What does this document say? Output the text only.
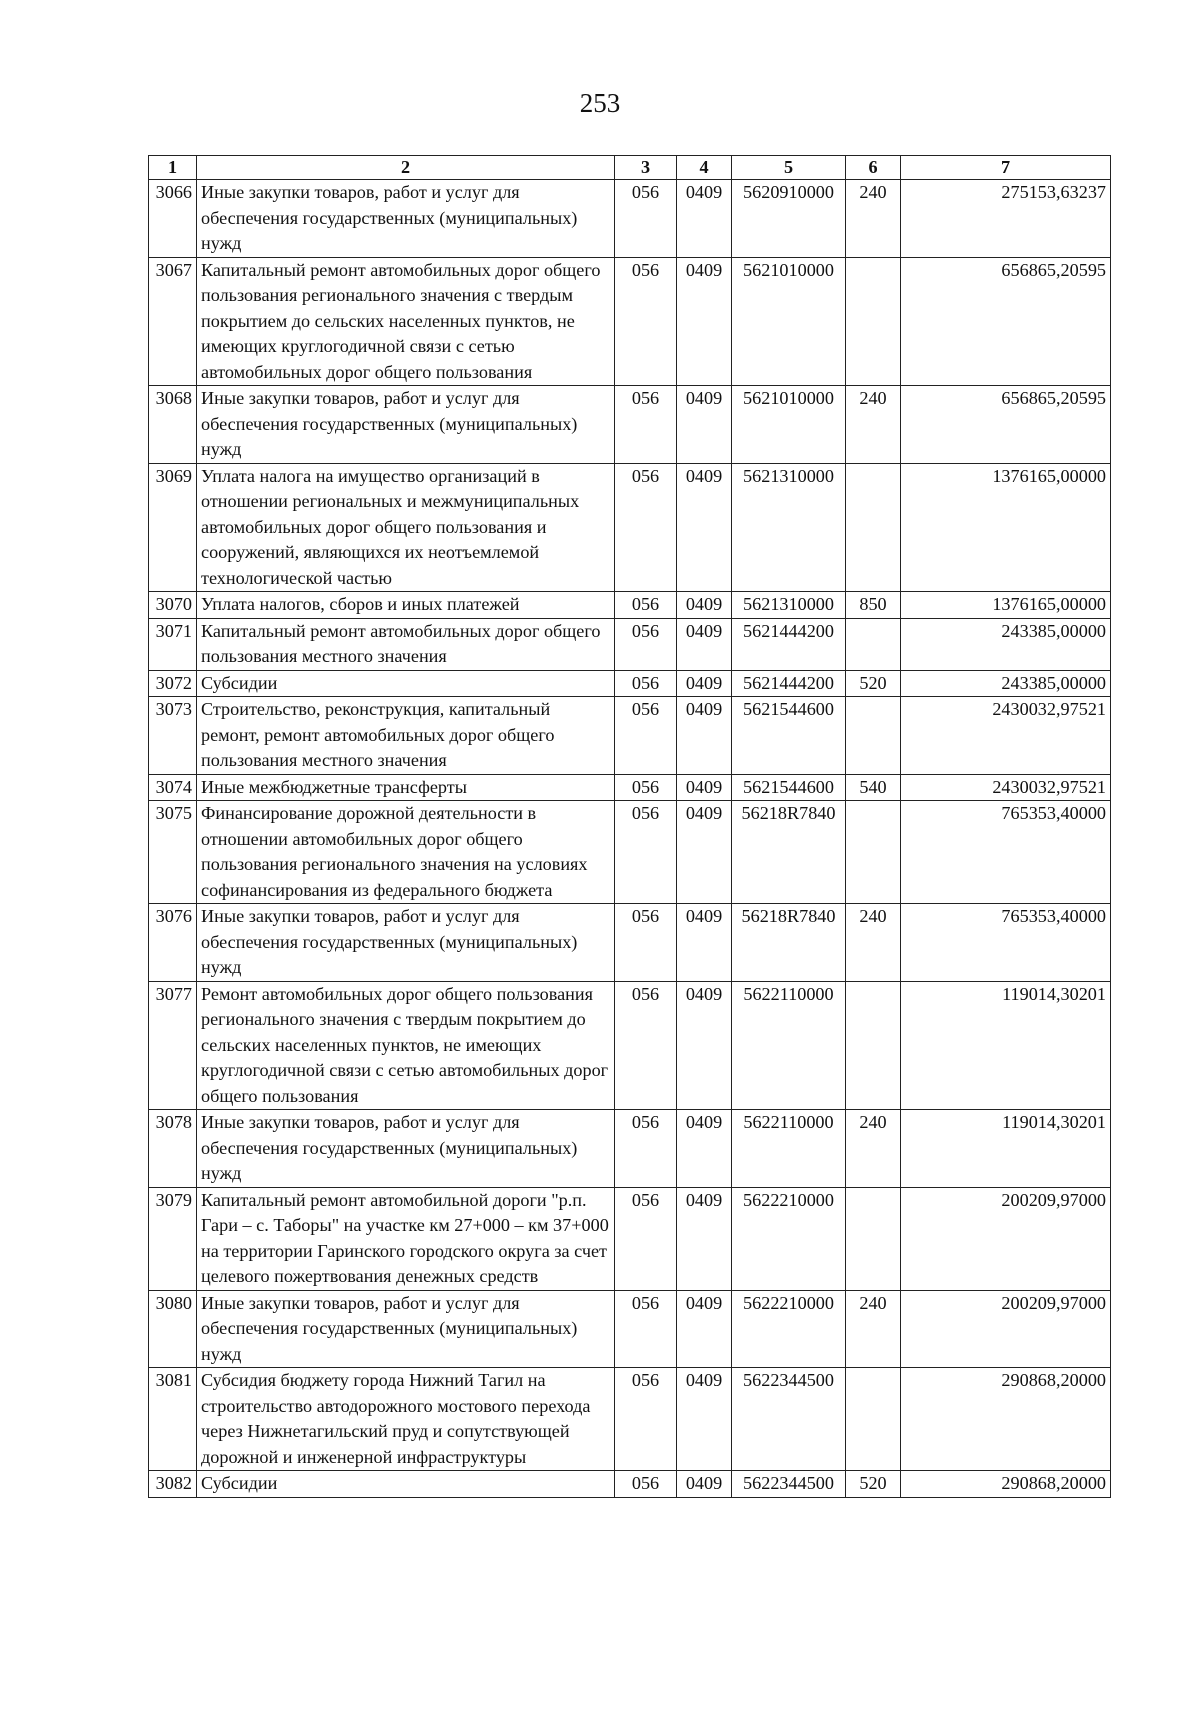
253
1	2	3	4	5	6	7
3066	Иные закупки товаров, работ и услуг для обеспечения государственных (муниципальных) нужд	056	0409	5620910000	240	275153,63237
3067	Капитальный ремонт автомобильных дорог общего пользования регионального значения с твердым покрытием до сельских населенных пунктов, не имеющих круглогодичной связи с сетью автомобильных дорог общего пользования	056	0409	5621010000		656865,20595
3068	Иные закупки товаров, работ и услуг для обеспечения государственных (муниципальных) нужд	056	0409	5621010000	240	656865,20595
3069	Уплата налога на имущество организаций в отношении региональных и межмуниципальных автомобильных дорог общего пользования и сооружений, являющихся их неотъемлемой технологической частью	056	0409	5621310000		1376165,00000
3070	Уплата налогов, сборов и иных платежей	056	0409	5621310000	850	1376165,00000
3071	Капитальный ремонт автомобильных дорог общего пользования местного значения	056	0409	5621444200		243385,00000
3072	Субсидии	056	0409	5621444200	520	243385,00000
3073	Строительство, реконструкция, капитальный ремонт, ремонт автомобильных дорог общего пользования местного значения	056	0409	5621544600		2430032,97521
3074	Иные межбюджетные трансферты	056	0409	5621544600	540	2430032,97521
3075	Финансирование дорожной деятельности в отношении автомобильных дорог общего пользования регионального значения на условиях софинансирования из федерального бюджета	056	0409	56218R7840		765353,40000
3076	Иные закупки товаров, работ и услуг для обеспечения государственных (муниципальных) нужд	056	0409	56218R7840	240	765353,40000
3077	Ремонт автомобильных дорог общего пользования регионального значения с твердым покрытием до сельских населенных пунктов, не имеющих круглогодичной связи с сетью автомобильных дорог общего пользования	056	0409	5622110000		119014,30201
3078	Иные закупки товаров, работ и услуг для обеспечения государственных (муниципальных) нужд	056	0409	5622110000	240	119014,30201
3079	Капитальный ремонт автомобильной дороги "р.п. Гари – с. Таборы" на участке км 27+000 – км 37+000 на территории Гаринского городского округа за счет целевого пожертвования денежных средств	056	0409	5622210000		200209,97000
3080	Иные закупки товаров, работ и услуг для обеспечения государственных (муниципальных) нужд	056	0409	5622210000	240	200209,97000
3081	Субсидия бюджету города Нижний Тагил на строительство автодорожного мостового перехода через Нижнетагильский пруд и сопутствующей дорожной и инженерной инфраструктуры	056	0409	5622344500		290868,20000
3082	Субсидии	056	0409	5622344500	520	290868,20000
